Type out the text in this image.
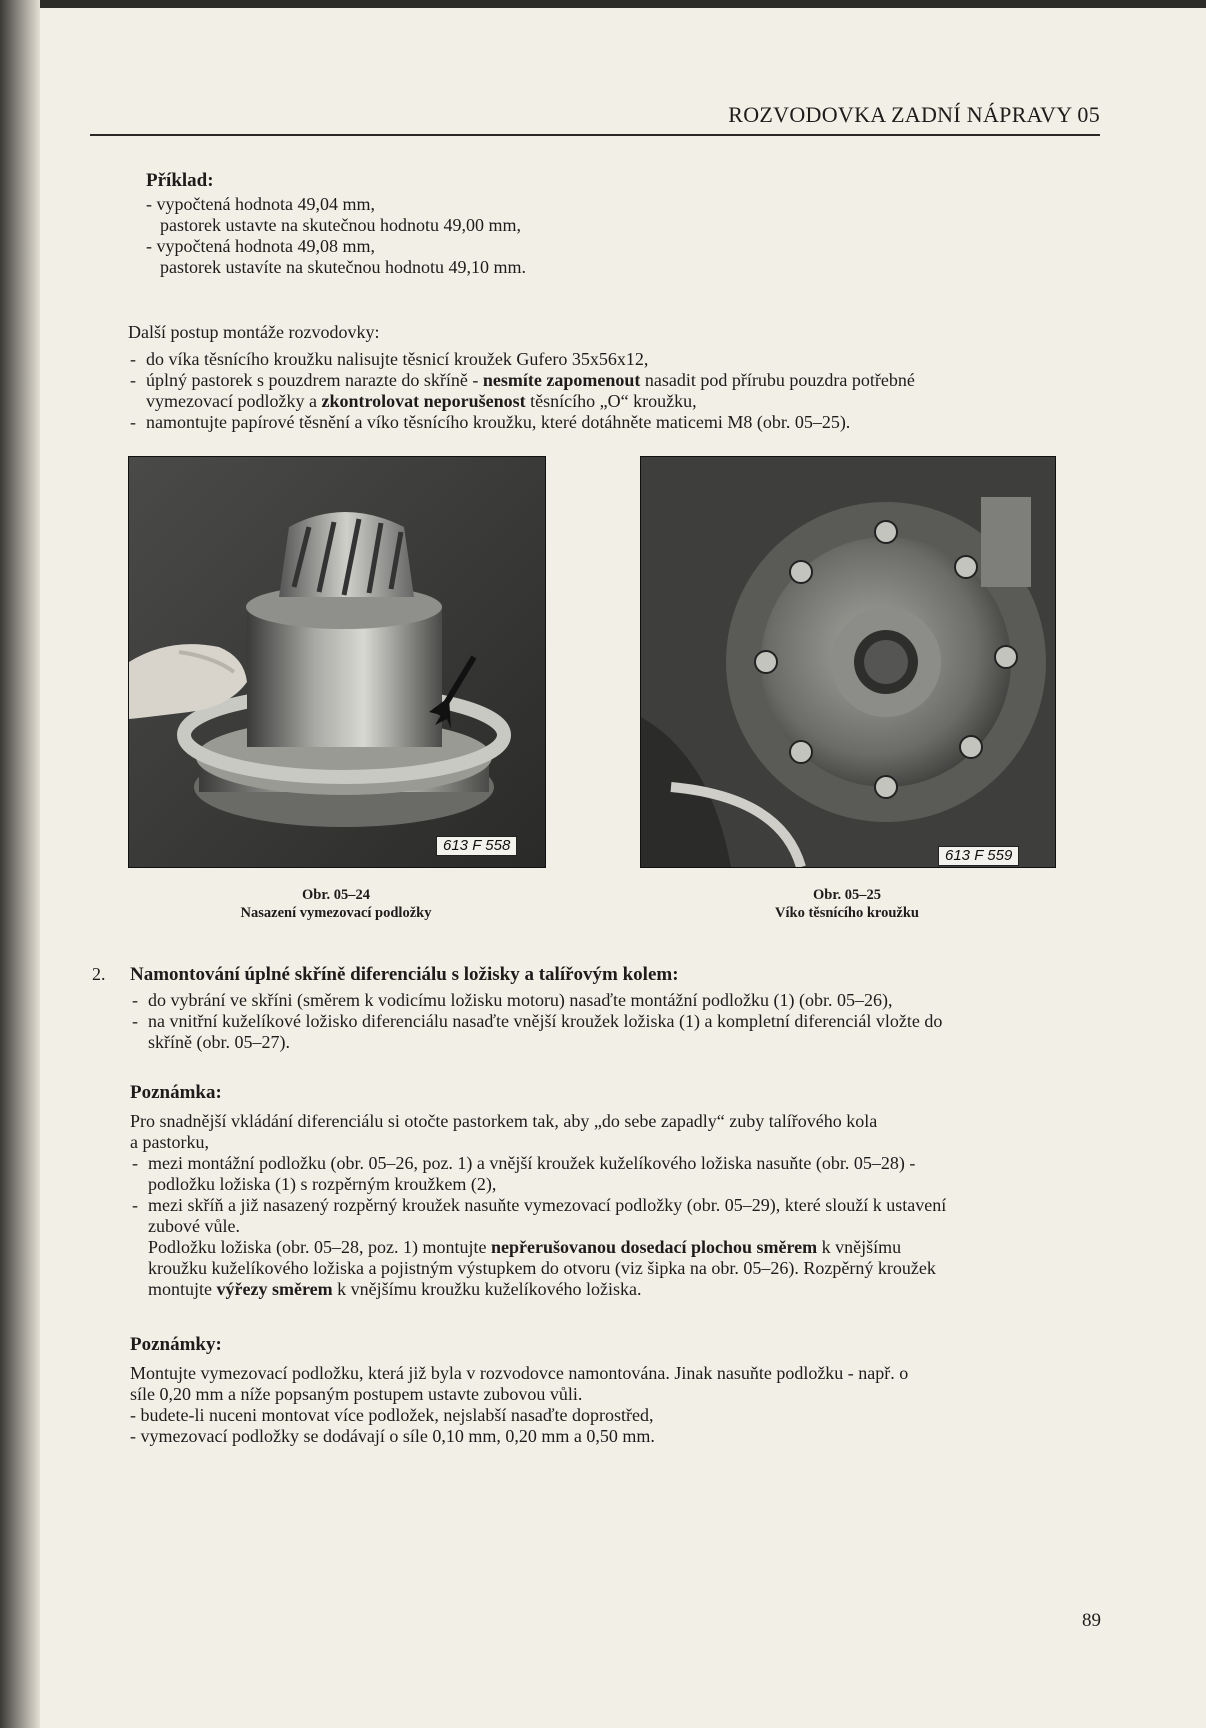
ROZVODOVKA ZADNÍ NÁPRAVY 05
Příklad:
- vypočtená hodnota 49,04 mm,
pastorek ustavte na skutečnou hodnotu 49,00 mm,
- vypočtená hodnota 49,08 mm,
pastorek ustavíte na skutečnou hodnotu 49,10 mm.
Další postup montáže rozvodovky:
- do víka těsnícího kroužku nalisujte těsnicí kroužek Gufero 35x56x12,
- úplný pastorek s pouzdrem narazte do skříně - nesmíte zapomenout nasadit pod přírubu pouzdra potřebné
vymezovací podložky a zkontrolovat neporušenost těsnícího „O“ kroužku,
- namontujte papírové těsnění a víko těsnícího kroužku, které dotáhněte maticemi M8 (obr. 05–25).
613 F 558
613 F 559
Obr. 05–24
Nasazení vymezovací podložky
Obr. 05–25
Víko těsnícího kroužku
2. Namontování úplné skříně diferenciálu s ložisky a talířovým kolem:
- do vybrání ve skříni (směrem k vodicímu ložisku motoru) nasaďte montážní podložku (1) (obr. 05–26),
- na vnitřní kuželíkové ložisko diferenciálu nasaďte vnější kroužek ložiska (1) a kompletní diferenciál vložte do
skříně (obr. 05–27).
Poznámka:
Pro snadnější vkládání diferenciálu si otočte pastorkem tak, aby „do sebe zapadly“ zuby talířového kola
a pastorku,
- mezi montážní podložku (obr. 05–26, poz. 1) a vnější kroužek kuželíkového ložiska nasuňte (obr. 05–28) -
podložku ložiska (1) s rozpěrným kroužkem (2),
- mezi skříň a již nasazený rozpěrný kroužek nasuňte vymezovací podložky (obr. 05–29), které slouží k ustavení
zubové vůle.
Podložku ložiska (obr. 05–28, poz. 1) montujte nepřerušovanou dosedací plochou směrem k vnějšímu
kroužku kuželíkového ložiska a pojistným výstupkem do otvoru (viz šipka na obr. 05–26). Rozpěrný kroužek
montujte výřezy směrem k vnějšímu kroužku kuželíkového ložiska.
Poznámky:
Montujte vymezovací podložku, která již byla v rozvodovce namontována. Jinak nasuňte podložku - např. o
síle 0,20 mm a níže popsaným postupem ustavte zubovou vůli.
- budete-li nuceni montovat více podložek, nejslabší nasaďte doprostřed,
- vymezovací podložky se dodávají o síle 0,10 mm, 0,20 mm a 0,50 mm.
89
